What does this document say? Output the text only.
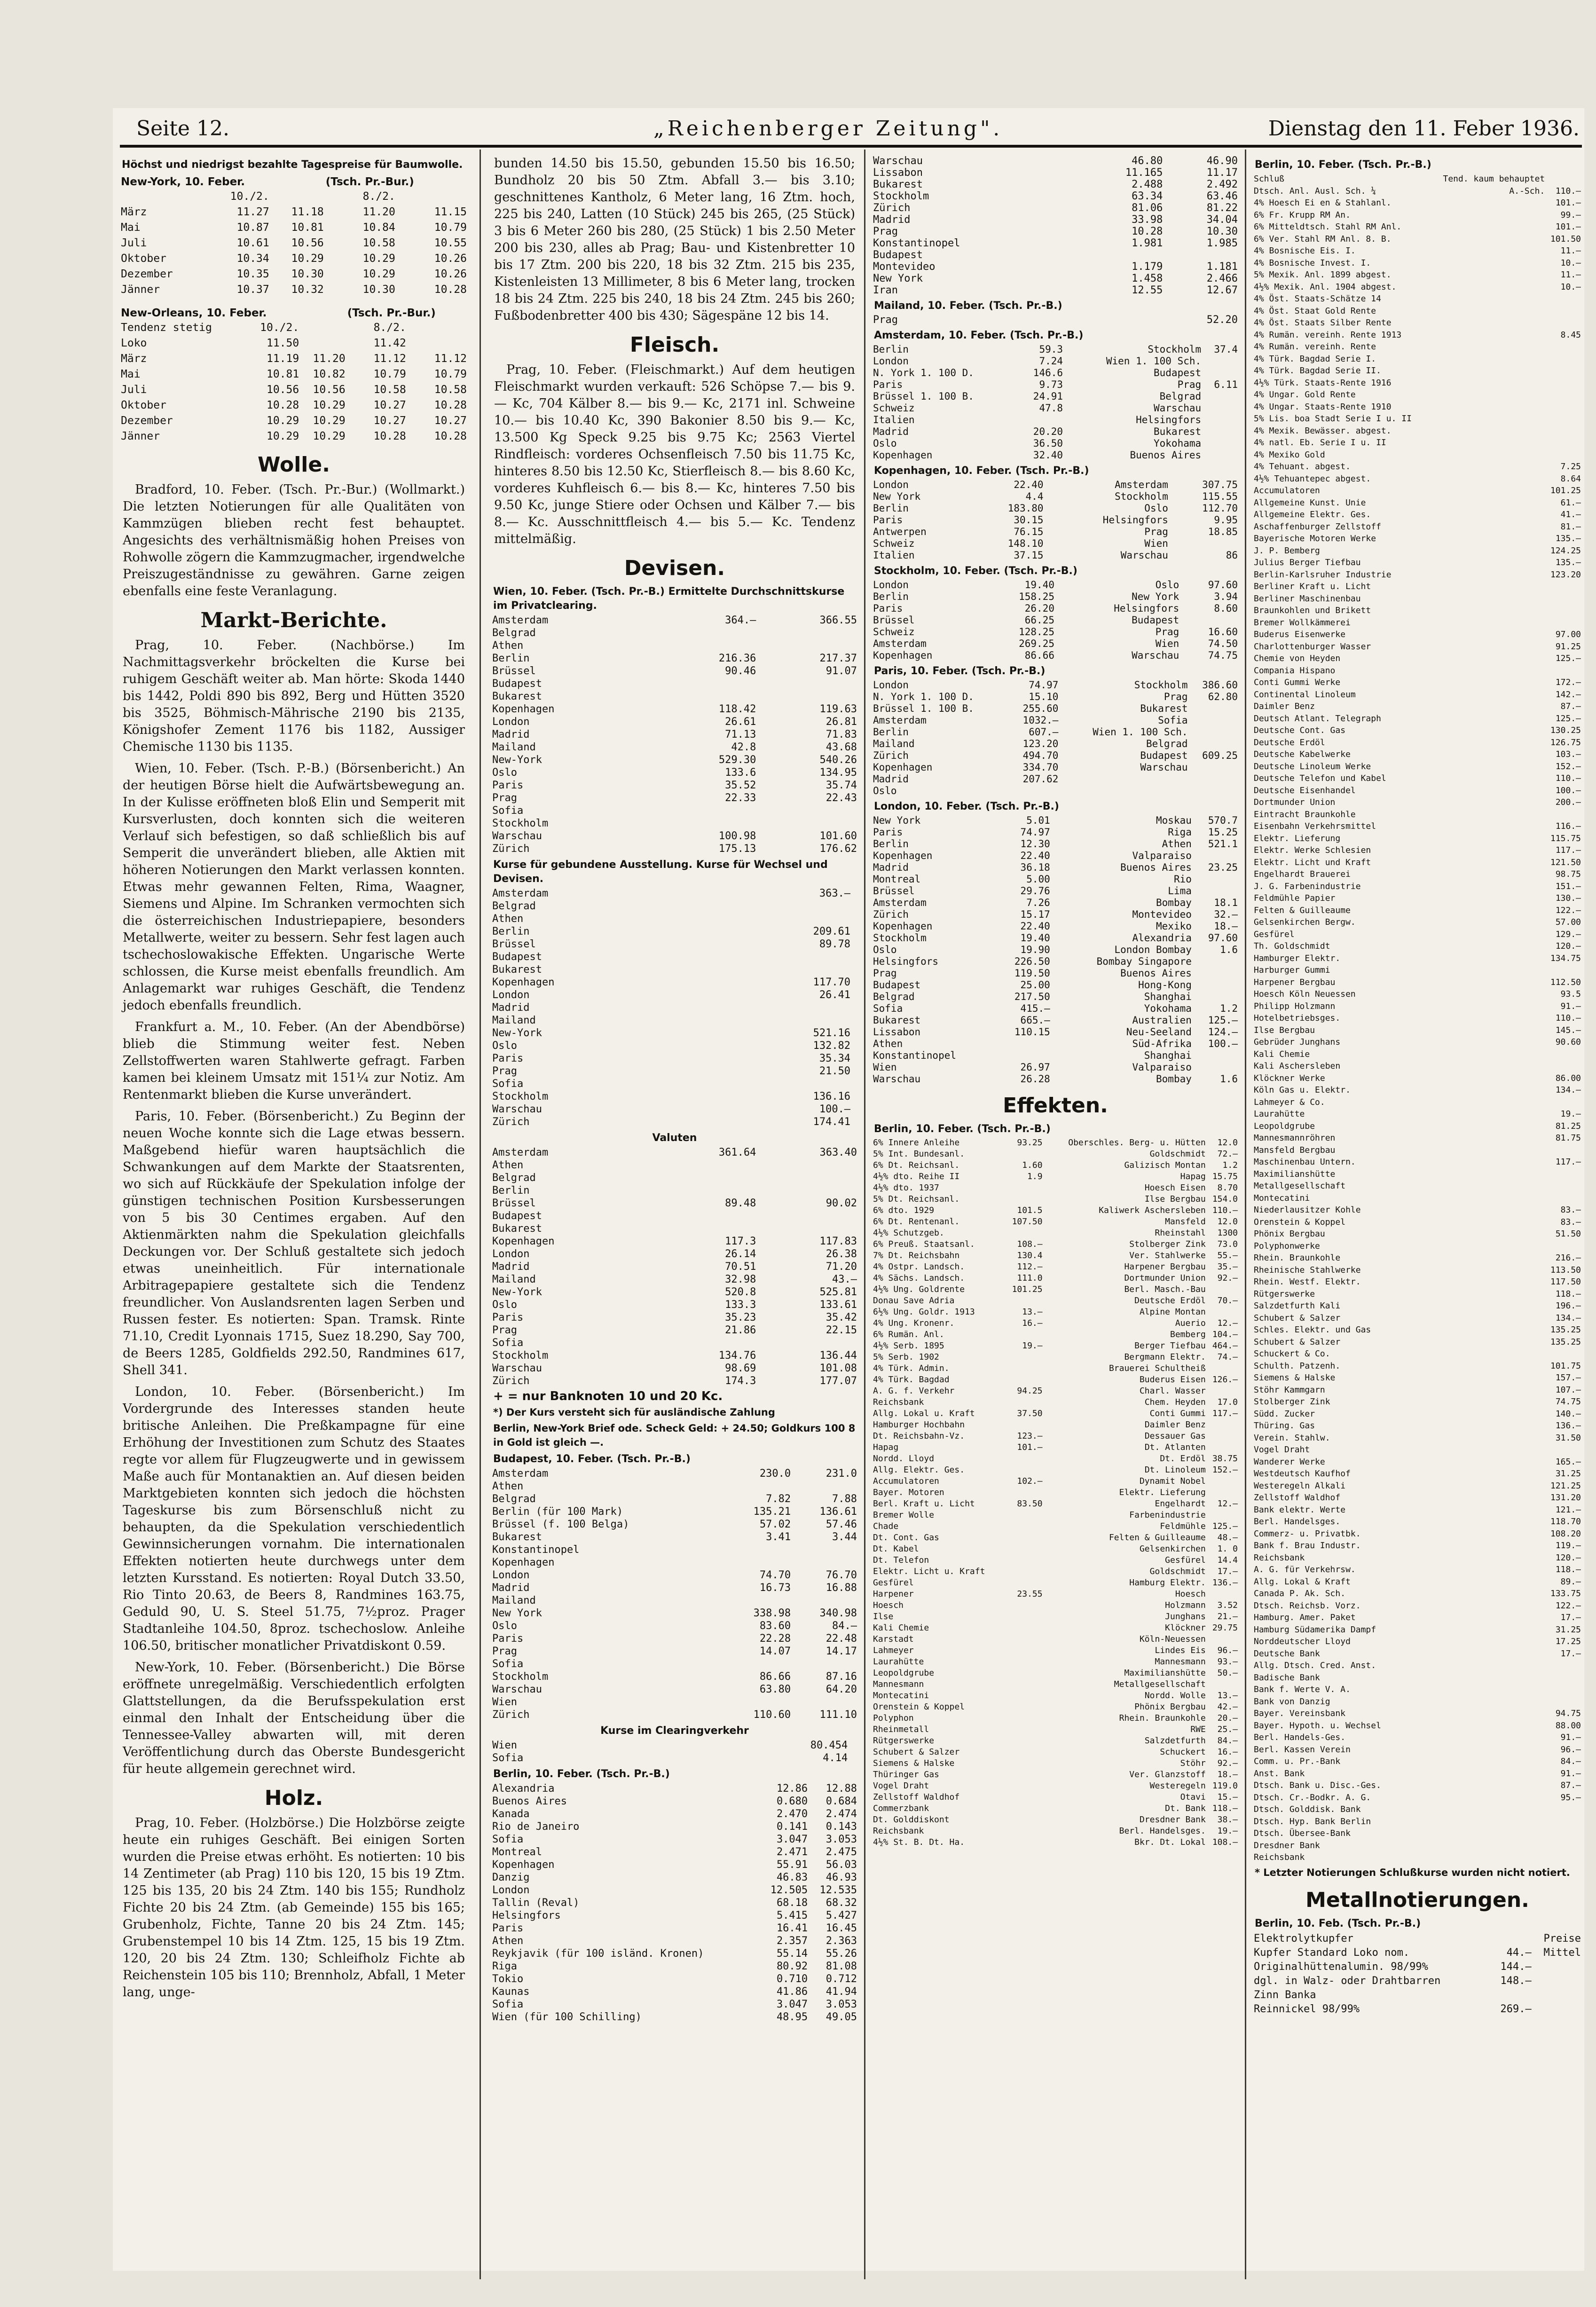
Seite 12.	„Reichenberger Zeitung".	Dienstag den 11. Feber 1936.
Höchst und niedrigst bezahlte Tagespreise für Baumwolle.
New-York, 10. Feber.			(Tsch. Pr.-Bur.)	
	10./2.		8./2.	
März	11.27	11.18	11.20	11.15
Mai	10.87	10.81	10.84	10.79
Juli	10.61	10.56	10.58	10.55
Oktober	10.34	10.29	10.29	10.26
Dezember	10.35	10.30	10.29	10.26
Jänner	10.37	10.32	10.30	10.28
New-Orleans, 10. Feber.			(Tsch. Pr.-Bur.)	
Tendenz stetig	10./2.		8./2.	
Loko	11.50		11.42	
März	11.19	11.20	11.12	11.12
Mai	10.81	10.82	10.79	10.79
Juli	10.56	10.56	10.58	10.58
Oktober	10.28	10.29	10.27	10.28
Dezember	10.29	10.29	10.27	10.27
Jänner	10.29	10.29	10.28	10.28
Wolle.

Bradford, 10. Feber. (Tsch. Pr.-Bur.) (Wollmarkt.) Die letzten Notierungen für alle Qualitäten von Kammzügen blieben recht fest behauptet. Angesichts des verhältnismäßig hohen Preises von Rohwolle zögern die Kammzugmacher, irgendwelche Preiszugeständnisse zu gewähren. Garne zeigen ebenfalls eine feste Veranlagung.

Markt-Berichte.

Prag, 10. Feber. (Nachbörse.) Im Nachmittagsverkehr bröckelten die Kurse bei ruhigem Geschäft weiter ab. Man hörte: Skoda 1440 bis 1442, Poldi 890 bis 892, Berg und Hütten 3520 bis 3525, Böhmisch-Mährische 2190 bis 2135, Königshofer Zement 1176 bis 1182, Aussiger Chemische 1130 bis 1135.

Wien, 10. Feber. (Tsch. P.-B.) (Börsenbericht.) An der heutigen Börse hielt die Aufwärtsbewegung an. In der Kulisse eröffneten bloß Elin und Semperit mit Kursverlusten, doch konnten sich die weiteren Verlauf sich befestigen, so daß schließlich bis auf Semperit die unverändert blieben, alle Aktien mit höheren Notierungen den Markt verlassen konnten. Etwas mehr gewannen Felten, Rima, Waagner, Siemens und Alpine. Im Schranken vermochten sich die österreichischen Industriepapiere, besonders Metallwerte, weiter zu bessern. Sehr fest lagen auch tschechoslowakische Effekten. Ungarische Werte schlossen, die Kurse meist ebenfalls freundlich. Am Anlagemarkt war ruhiges Geschäft, die Tendenz jedoch ebenfalls freundlich.

Frankfurt a. M., 10. Feber. (An der Abendbörse) blieb die Stimmung weiter fest. Neben Zellstoffwerten waren Stahlwerte gefragt. Farben kamen bei kleinem Umsatz mit 151¼ zur Notiz. Am Rentenmarkt blieben die Kurse unverändert.

Paris, 10. Feber. (Börsenbericht.) Zu Beginn der neuen Woche konnte sich die Lage etwas bessern. Maßgebend hiefür waren hauptsächlich die Schwankungen auf dem Markte der Staatsrenten, wo sich auf Rückkäufe der Spekulation infolge der günstigen technischen Position Kursbesserungen von 5 bis 30 Centimes ergaben. Auf den Aktienmärkten nahm die Spekulation gleichfalls Deckungen vor. Der Schluß gestaltete sich jedoch etwas uneinheitlich. Für internationale Arbitragepapiere gestaltete sich die Tendenz freundlicher. Von Auslandsrenten lagen Serben und Russen fester. Es notierten: Span. Tramsk. Rinte 71.10, Credit Lyonnais 1715, Suez 18.290, Say 700, de Beers 1285, Goldfields 292.50, Randmines 617, Shell 341.

London, 10. Feber. (Börsenbericht.) Im Vordergrunde des Interesses standen heute britische Anleihen. Die Preßkampagne für eine Erhöhung der Investitionen zum Schutz des Staates regte vor allem für Flugzeugwerte und in gewissem Maße auch für Montanaktien an. Auf diesen beiden Marktgebieten konnten sich jedoch die höchsten Tageskurse bis zum Börsenschluß nicht zu behaupten, da die Spekulation verschiedentlich Gewinnsicherungen vornahm. Die internationalen Effekten notierten heute durchwegs unter dem letzten Kursstand. Es notierten: Royal Dutch 33.50, Rio Tinto 20.63, de Beers 8, Randmines 163.75, Geduld 90, U. S. Steel 51.75, 7½proz. Prager Stadtanleihe 104.50, 8proz. tschechoslow. Anleihe 106.50, britischer monatlicher Privatdiskont 0.59.

New-York, 10. Feber. (Börsenbericht.) Die Börse eröffnete unregelmäßig. Verschiedentlich erfolgten Glattstellungen, da die Berufsspekulation erst einmal den Inhalt der Entscheidung über die Tennessee-Valley abwarten will, mit deren Veröffentlichung durch das Oberste Bundesgericht für heute allgemein gerechnet wird.

Holz.

Prag, 10. Feber. (Holzbörse.) Die Holzbörse zeigte heute ein ruhiges Geschäft. Bei einigen Sorten wurden die Preise etwas erhöht. Es notierten: 10 bis 14 Zentimeter (ab Prag) 110 bis 120, 15 bis 19 Ztm. 125 bis 135, 20 bis 24 Ztm. 140 bis 155; Rundholz Fichte 20 bis 24 Ztm. (ab Gemeinde) 155 bis 165; Grubenholz, Fichte, Tanne 20 bis 24 Ztm. 145; Grubenstempel 10 bis 14 Ztm. 125, 15 bis 19 Ztm. 120, 20 bis 24 Ztm. 130; Schleifholz Fichte ab Reichenstein 105 bis 110; Brennholz, Abfall, 1 Meter lang, unge-

bunden 14.50 bis 15.50, gebunden 15.50 bis 16.50; Bundholz 20 bis 50 Ztm. Abfall 3.— bis 3.10; geschnittenes Kantholz, 6 Meter lang, 16 Ztm. hoch, 225 bis 240, Latten (10 Stück) 245 bis 265, (25 Stück) 3 bis 6 Meter 260 bis 280, (25 Stück) 1 bis 2.50 Meter 200 bis 230, alles ab Prag; Bau- und Kistenbretter 10 bis 17 Ztm. 200 bis 220, 18 bis 32 Ztm. 215 bis 235, Kistenleisten 13 Millimeter, 8 bis 6 Meter lang, trocken 18 bis 24 Ztm. 225 bis 240, 18 bis 24 Ztm. 245 bis 260; Fußbodenbretter 400 bis 430; Sägespäne 12 bis 14.

Fleisch.

Prag, 10. Feber. (Fleischmarkt.) Auf dem heutigen Fleischmarkt wurden verkauft: 526 Schöpse 7.— bis 9.— Kc, 704 Kälber 8.— bis 9.— Kc, 2171 inl. Schweine 10.— bis 10.40 Kc, 390 Bakonier 8.50 bis 9.— Kc, 13.500 Kg Speck 9.25 bis 9.75 Kc; 2563 Viertel Rindfleisch: vorderes Ochsenfleisch 7.50 bis 11.75 Kc, hinteres 8.50 bis 12.50 Kc, Stierfleisch 8.— bis 8.60 Kc, vorderes Kuhfleisch 6.— bis 8.— Kc, hinteres 7.50 bis 9.50 Kc, junge Stiere oder Ochsen und Kälber 7.— bis 8.— Kc. Ausschnittfleisch 4.— bis 5.— Kc. Tendenz mittelmäßig.

Devisen.
Wien, 10. Feber. (Tsch. Pr.-B.) Ermittelte Durchschnittskurse im Privatclearing.
Amsterdam	364.—	366.55
Belgrad		
Athen		
Berlin	216.36	217.37
Brüssel	90.46	91.07
Budapest		
Bukarest		
Kopenhagen	118.42	119.63
London	26.61	26.81
Madrid	71.13	71.83
Mailand	42.8	43.68
New-York	529.30	540.26
Oslo	133.6	134.95
Paris	35.52	35.74
Prag	22.33	22.43
Sofia		
Stockholm		
Warschau	100.98	101.60
Zürich	175.13	176.62
Kurse für gebundene Ausstellung. Kurse für Wechsel und Devisen.
Amsterdam	363.—	
Belgrad		
Athen		
Berlin	209.61	
Brüssel	89.78	
Budapest		
Bukarest		
Kopenhagen	117.70	
London	26.41	
Madrid		
Mailand		
New-York	521.16	
Oslo	132.82	
Paris	35.34	
Prag	21.50	
Sofia		
Stockholm	136.16	
Warschau	100.—	
Zürich	174.41	
Valuten
Amsterdam	361.64	363.40
Athen		
Belgrad		
Berlin		
Brüssel	89.48	90.02
Budapest		
Bukarest		
Kopenhagen	117.3	117.83
London	26.14	26.38
Madrid	70.51	71.20
Mailand	32.98	43.—
New-York	520.8	525.81
Oslo	133.3	133.61
Paris	35.23	35.42
Prag	21.86	22.15
Sofia		
Stockholm	134.76	136.44
Warschau	98.69	101.08
Zürich	174.3	177.07
+ = nur Banknoten 10 und 20 Kc.
*) Der Kurs versteht sich für ausländische Zahlung
Berlin, New-York Brief ode. Scheck Geld: + 24.50; Goldkurs 100 8 in Gold ist gleich —.
Budapest, 10. Feber. (Tsch. Pr.-B.)
Amsterdam	230.0	231.0
Athen		
Belgrad	7.82	7.88
Berlin (für 100 Mark)	135.21	136.61
Brüssel (f. 100 Belga)	57.02	57.46
Bukarest	3.41	3.44
Konstantinopel		
Kopenhagen		
London	74.70	76.70
Madrid	16.73	16.88
Mailand		
New York	338.98	340.98
Oslo	83.60	84.—
Paris	22.28	22.48
Prag	14.07	14.17
Sofia		
Stockholm	86.66	87.16
Warschau	63.80	64.20
Wien		
Zürich	110.60	111.10
Kurse im Clearingverkehr
Wien	80.454	
Sofia	4.14	
Berlin, 10. Feber. (Tsch. Pr.-B.)
Alexandria	12.86	12.88
Buenos Aires	0.680	0.684
Kanada	2.470	2.474
Rio de Janeiro	0.141	0.143
Sofia	3.047	3.053
Montreal	2.471	2.475
Kopenhagen	55.91	56.03
Danzig	46.83	46.93
London	12.505	12.535
Tallin (Reval)	68.18	68.32
Helsingfors	5.415	5.427
Paris	16.41	16.45
Athen	2.357	2.363
Reykjavik (für 100 isländ. Kronen)	55.14	55.26
Riga	80.92	81.08
Tokio	0.710	0.712
Kaunas	41.86	41.94
Sofia	3.047	3.053
Wien (für 100 Schilling)	48.95	49.05
Warschau	46.80	46.90
Lissabon	11.165	11.17
Bukarest	2.488	2.492
Stockholm	63.34	63.46
Zürich	81.06	81.22
Madrid	33.98	34.04
Prag	10.28	10.30
Konstantinopel	1.981	1.985
Budapest		
Montevideo	1.179	1.181
New York	1.458	2.466
Iran	12.55	12.67
Mailand, 10. Feber. (Tsch. Pr.-B.)
Prag		52.20
Amsterdam, 10. Feber. (Tsch. Pr.-B.)
Berlin	59.3	Stockholm	37.4
London	7.24	Wien 1. 100 Sch.	
N. York 1. 100 D.	146.6	Budapest	
Paris	9.73	Prag	6.11
Brüssel 1. 100 B.	24.91	Belgrad	
Schweiz	47.8	Warschau	
Italien		Helsingfors	
Madrid	20.20	Bukarest	
Oslo	36.50	Yokohama	
Kopenhagen	32.40	Buenos Aires	
Kopenhagen, 10. Feber. (Tsch. Pr.-B.)
London	22.40	Amsterdam	307.75
New York	4.4	Stockholm	115.55
Berlin	183.80	Oslo	112.70
Paris	30.15	Helsingfors	9.95
Antwerpen	76.15	Prag	18.85
Schweiz	148.10	Wien	
Italien	37.15	Warschau	86
Stockholm, 10. Feber. (Tsch. Pr.-B.)
London	19.40	Oslo	97.60
Berlin	158.25	New York	3.94
Paris	26.20	Helsingfors	8.60
Brüssel	66.25	Budapest	
Schweiz	128.25	Prag	16.60
Amsterdam	269.25	Wien	74.50
Kopenhagen	86.66	Warschau	74.75
Paris, 10. Feber. (Tsch. Pr.-B.)
London	74.97	Stockholm	386.60
N. York 1. 100 D.	15.10	Prag	62.80
Brüssel 1. 100 B.	255.60	Bukarest	
Amsterdam	1032.—	Sofia	
Berlin	607.—	Wien 1. 100 Sch.	
Mailand	123.20	Belgrad	
Zürich	494.70	Budapest	609.25
Kopenhagen	334.70	Warschau	
Madrid	207.62		
Oslo			
London, 10. Feber. (Tsch. Pr.-B.)
New York	5.01	Moskau	570.7
Paris	74.97	Riga	15.25
Berlin	12.30	Athen	521.1
Kopenhagen	22.40	Valparaiso	
Madrid	36.18	Buenos Aires	23.25
Montreal	5.00	Rio	
Brüssel	29.76	Lima	
Amsterdam	7.26	Bombay	18.1
Zürich	15.17	Montevideo	32.—
Kopenhagen	22.40	Mexiko	18.—
Stockholm	19.40	Alexandria	97.60
Oslo	19.90	London Bombay	1.6
Helsingfors	226.50	Bombay Singapore	
Prag	119.50	Buenos Aires	
Budapest	25.00	Hong-Kong	
Belgrad	217.50	Shanghai	
Sofia	415.—	Yokohama	1.2
Bukarest	665.—	Australien	125.—
Lissabon	110.15	Neu-Seeland	124.—
Athen		Süd-Afrika	100.—
Konstantinopel		Shanghai	
Wien	26.97	Valparaiso	
Warschau	26.28	Bombay	1.6
Effekten.
Berlin, 10. Feber. (Tsch. Pr.-B.)
6% Innere Anleihe	93.25	Oberschles. Berg- u. Hütten	12.0
5% Int. Bundesanl.		Goldschmidt	72.—
6% Dt. Reichsanl.	1.60	Galizisch Montan	1.2
4½% dto. Reihe II	1.9	Hapag	15.75
4½% dto. 1937		Hoesch Eisen	8.70
5% Dt. Reichsanl.		Ilse Bergbau	154.0
6% dto. 1929	101.5	Kaliwerk Aschersleben	110.—
6% Dt. Rentenanl.	107.50	Mansfeld	12.0
4½% Schutzgeb.		Rheinstahl	1300
6% Preuß. Staatsanl.	108.—	Stolberger Zink	73.0
7% Dt. Reichsbahn	130.4	Ver. Stahlwerke	55.—
4% Ostpr. Landsch.	112.—	Harpener Bergbau	35.—
4% Sächs. Landsch.	111.0	Dortmunder Union	92.—
4½% Ung. Goldrente	101.25	Berl. Masch.-Bau	
Donau Save Adria		Deutsche Erdöl	70.—
6½% Ung. Goldr. 1913	13.—	Alpine Montan	
4% Ung. Kronenr.	16.—	Auerio	12.—
6% Rumän. Anl.		Bemberg	104.—
4½% Serb. 1895	19.—	Berger Tiefbau	464.—
5% Serb. 1902		Bergmann Elektr.	74.—
4% Türk. Admin.		Brauerei Schultheiß	
4% Türk. Bagdad		Buderus Eisen	126.—
A. G. f. Verkehr	94.25	Charl. Wasser	
Reichsbank		Chem. Heyden	17.0
Allg. Lokal u. Kraft	37.50	Conti Gummi	117.—
Hamburger Hochbahn		Daimler Benz	
Dt. Reichsbahn-Vz.	123.—	Dessauer Gas	
Hapag	101.—	Dt. Atlanten	
Nordd. Lloyd		Dt. Erdöl	38.75
Allg. Elektr. Ges.		Dt. Linoleum	152.—
Accumulatoren	102.—	Dynamit Nobel	
Bayer. Motoren		Elektr. Lieferung	
Berl. Kraft u. Licht	83.50	Engelhardt	12.—
Bremer Wolle		Farbenindustrie	
Chade		Feldmühle	125.—
Dt. Cont. Gas		Felten & Guilleaume	48.—
Dt. Kabel		Gelsenkirchen	1. 0
Dt. Telefon		Gesfürel	14.4
Elektr. Licht u. Kraft		Goldschmidt	17.—
Gesfürel		Hamburg Elektr.	136.—
Harpener	23.55	Hoesch	
Hoesch		Holzmann	3.52
Ilse		Junghans	21.—
Kali Chemie		Klöckner	29.75
Karstadt		Köln-Neuessen	
Lahmeyer		Lindes Eis	96.—
Laurahütte		Mannesmann	93.—
Leopoldgrube		Maximilianshütte	50.—
Mannesmann		Metallgesellschaft	
Montecatini		Nordd. Wolle	13.—
Orenstein & Koppel		Phönix Bergbau	42.—
Polyphon		Rhein. Braunkohle	20.—
Rheinmetall		RWE	25.—
Rütgerswerke		Salzdetfurth	84.—
Schubert & Salzer		Schuckert	16.—
Siemens & Halske		Stöhr	92.—
Thüringer Gas		Ver. Glanzstoff	18.—
Vogel Draht		Westeregeln	119.0
Zellstoff Waldhof		Otavi	15.—
Commerzbank		Dt. Bank	118.—
Dt. Golddiskont		Dresdner Bank	38.—
Reichsbank		Berl. Handelsges.	19.—
4½% St. B. Dt. Ha.		Bkr. Dt. Lokal	108.—
Berlin, 10. Feber. (Tsch. Pr.-B.)
Schluß	Tend. kaum behauptet	
Dtsch. Anl. Ausl. Sch. ¼	A.-Sch.	110.—
4% Hoesch Ei en & Stahlanl.		101.—
6% Fr. Krupp RM An.		99.—
6% Mitteldtsch. Stahl RM Anl.		101.—
6% Ver. Stahl RM Anl. 8. B.		101.50
4% Bosnische Eis. I.		11.—
4% Bosnische Invest. I.		10.—
5% Mexik. Anl. 1899 abgest.		11.—
4½% Mexik. Anl. 1904 abgest.		10.—
4% Öst. Staats-Schätze 14		
4% Öst. Staat Gold Rente		
4% Öst. Staats Silber Rente		
4% Rumän. vereinh. Rente 1913		8.45
4% Rumän. vereinh. Rente		
4% Türk. Bagdad Serie I.		
4% Türk. Bagdad Serie II.		
4½% Türk. Staats-Rente 1916		
4% Ungar. Gold Rente		
4% Ungar. Staats-Rente 1910		
5% Lis. boa Stadt Serie I u. II		
4% Mexik. Bewässer. abgest.		
4% natl. Eb. Serie I u. II		
4% Mexiko Gold		
4% Tehuant. abgest.		7.25
4½% Tehuantepec abgest.		8.64
Accumulatoren		101.25
Allgemeine Kunst. Unie		61.—
Allgemeine Elektr. Ges.		41.—
Aschaffenburger Zellstoff		81.—
Bayerische Motoren Werke		135.—
J. P. Bemberg		124.25
Julius Berger Tiefbau		135.—
Berlin-Karlsruher Industrie		123.20
Berliner Kraft u. Licht		
Berliner Maschinenbau		
Braunkohlen und Brikett		
Bremer Wollkämmerei		
Buderus Eisenwerke		97.00
Charlottenburger Wasser		91.25
Chemie von Heyden		125.—
Compania Hispano		
Conti Gummi Werke		172.—
Continental Linoleum		142.—
Daimler Benz		87.—
Deutsch Atlant. Telegraph		125.—
Deutsche Cont. Gas		130.25
Deutsche Erdöl		126.75
Deutsche Kabelwerke		103.—
Deutsche Linoleum Werke		152.—
Deutsche Telefon und Kabel		110.—
Deutsche Eisenhandel		100.—
Dortmunder Union		200.—
Eintracht Braunkohle		
Eisenbahn Verkehrsmittel		116.—
Elektr. Lieferung		115.75
Elektr. Werke Schlesien		117.—
Elektr. Licht und Kraft		121.50
Engelhardt Brauerei		98.75
J. G. Farbenindustrie		151.—
Feldmühle Papier		130.—
Felten & Guilleaume		122.—
Gelsenkirchen Bergw.		57.00
Gesfürel		129.—
Th. Goldschmidt		120.—
Hamburger Elektr.		134.75
Harburger Gummi		
Harpener Bergbau		112.50
Hoesch Köln Neuessen		93.5
Philipp Holzmann		91.—
Hotelbetriebsges.		110.—
Ilse Bergbau		145.—
Gebrüder Junghans		90.60
Kali Chemie		
Kali Aschersleben		
Klöckner Werke		86.00
Köln Gas u. Elektr.		134.—
Lahmeyer & Co.		
Laurahütte		19.—
Leopoldgrube		81.25
Mannesmannröhren		81.75
Mansfeld Bergbau		
Maschinenbau Untern.		117.—
Maximilianshütte		
Metallgesellschaft		
Montecatini		
Niederlausitzer Kohle		83.—
Orenstein & Koppel		83.—
Phönix Bergbau		51.50
Polyphonwerke		
Rhein. Braunkohle		216.—
Rheinische Stahlwerke		113.50
Rhein. Westf. Elektr.		117.50
Rütgerswerke		118.—
Salzdetfurth Kali		196.—
Schubert & Salzer		134.—
Schles. Elektr. und Gas		135.25
Schubert & Salzer		135.25
Schuckert & Co.		
Schulth. Patzenh.		101.75
Siemens & Halske		157.—
Stöhr Kammgarn		107.—
Stolberger Zink		74.75
Südd. Zucker		140.—
Thüring. Gas		136.—
Verein. Stahlw.		31.50
Vogel Draht		
Wanderer Werke		165.—
Westdeutsch Kaufhof		31.25
Westeregeln Alkali		121.25
Zellstoff Waldhof		131.20
Bank elektr. Werte		121.—
Berl. Handelsges.		118.70
Commerz- u. Privatbk.		108.20
Bank f. Brau Industr.		119.—
Reichsbank		120.—
A. G. für Verkehrsw.		118.—
Allg. Lokal & Kraft		89.—
Canada P. Ak. Sch.		133.75
Dtsch. Reichsb. Vorz.		122.—
Hamburg. Amer. Paket		17.—
Hamburg Südamerika Dampf		31.25
Norddeutscher Lloyd		17.25
Deutsche Bank		17.—
Allg. Dtsch. Cred. Anst.		
Badische Bank		
Bank f. Werte V. A.		
Bank von Danzig		
Bayer. Vereinsbank		94.75
Bayer. Hypoth. u. Wechsel		88.00
Berl. Handels-Ges.		91.—
Berl. Kassen Verein		96.—
Comm. u. Pr.-Bank		84.—
Anst. Bank		91.—
Dtsch. Bank u. Disc.-Ges.		87.—
Dtsch. Cr.-Bodkr. A. G.		95.—
Dtsch. Golddisk. Bank		
Dtsch. Hyp. Bank Berlin		
Dtsch. Übersee-Bank		
Dresdner Bank		
Reichsbank		
* Letzter Notierungen Schlußkurse wurden nicht notiert.
Metallnotierungen.
Berlin, 10. Feb. (Tsch. Pr.-B.)
Elektrolytkupfer		Preise
Kupfer Standard Loko nom.	44.—	Mittel
Originalhüttenalumin. 98/99%	144.—	
dgl. in Walz- oder Drahtbarren	148.—	
Zinn Banka		
Reinnickel 98/99%	269.—	
